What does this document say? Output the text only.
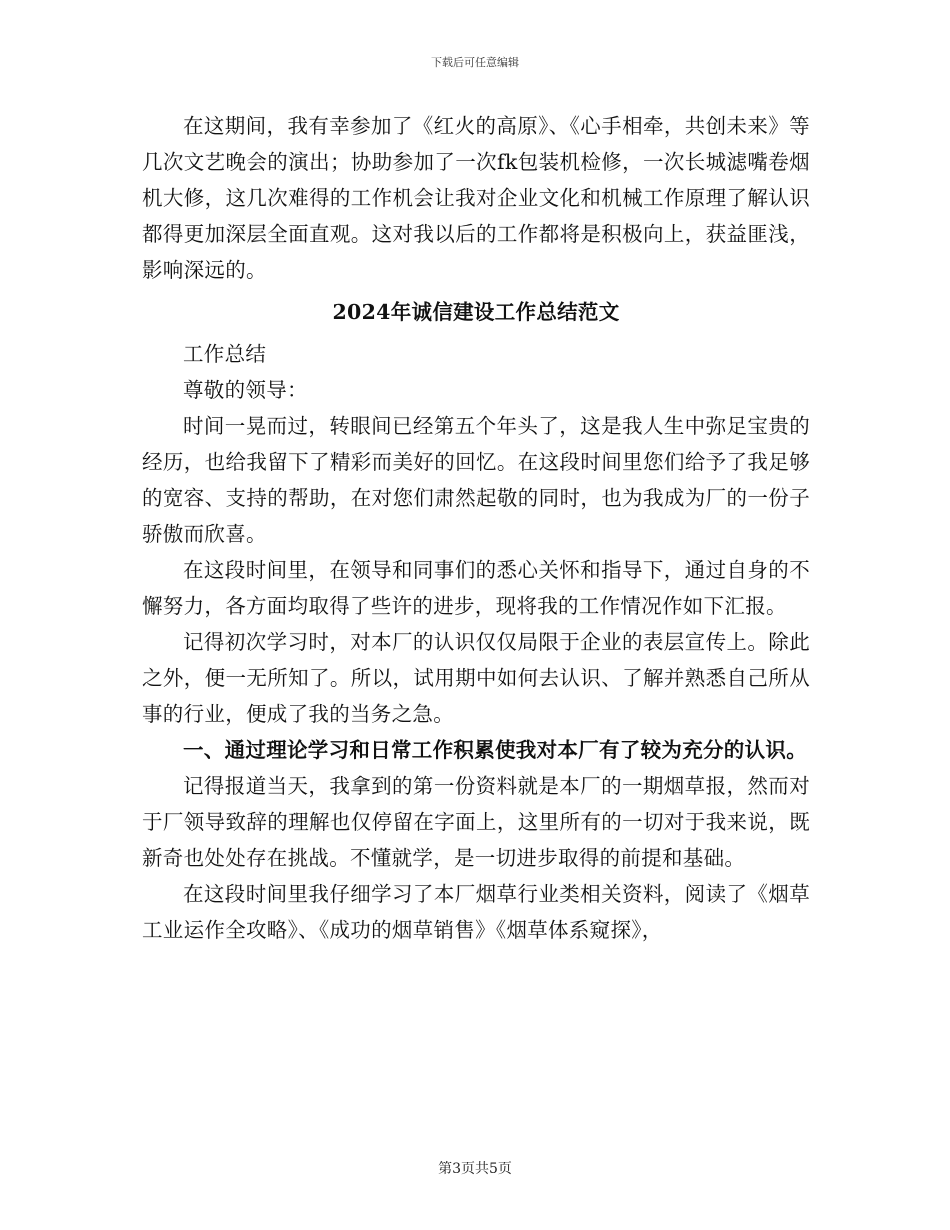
下载后可任意编辑

在这期间，我有幸参加了《红火的高原》、《心手相牵，共创未来》等几次文艺晚会的演出；协助参加了一次fk包装机检修，一次长城滤嘴卷烟机大修，这几次难得的工作机会让我对企业文化和机械工作原理了解认识都得更加深层全面直观。这对我以后的工作都将是积极向上，获益匪浅，影响深远的。

2024年诚信建设工作总结范文

工作总结

尊敬的领导：

时间一晃而过，转眼间已经第五个年头了，这是我人生中弥足宝贵的经历，也给我留下了精彩而美好的回忆。在这段时间里您们给予了我足够的宽容、支持的帮助，在对您们肃然起敬的同时，也为我成为厂的一份子骄傲而欣喜。

在这段时间里，在领导和同事们的悉心关怀和指导下，通过自身的不懈努力，各方面均取得了些许的进步，现将我的工作情况作如下汇报。

记得初次学习时，对本厂的认识仅仅局限于企业的表层宣传上。除此之外，便一无所知了。所以，试用期中如何去认识、了解并熟悉自己所从事的行业，便成了我的当务之急。

一、通过理论学习和日常工作积累使我对本厂有了较为充分的认识。

记得报道当天，我拿到的第一份资料就是本厂的一期烟草报，然而对于厂领导致辞的理解也仅停留在字面上，这里所有的一切对于我来说，既新奇也处处存在挑战。不懂就学，是一切进步取得的前提和基础。

在这段时间里我仔细学习了本厂烟草行业类相关资料，阅读了《烟草工业运作全攻略》、《成功的烟草销售》《烟草体系窥探》，

第3页共5页
